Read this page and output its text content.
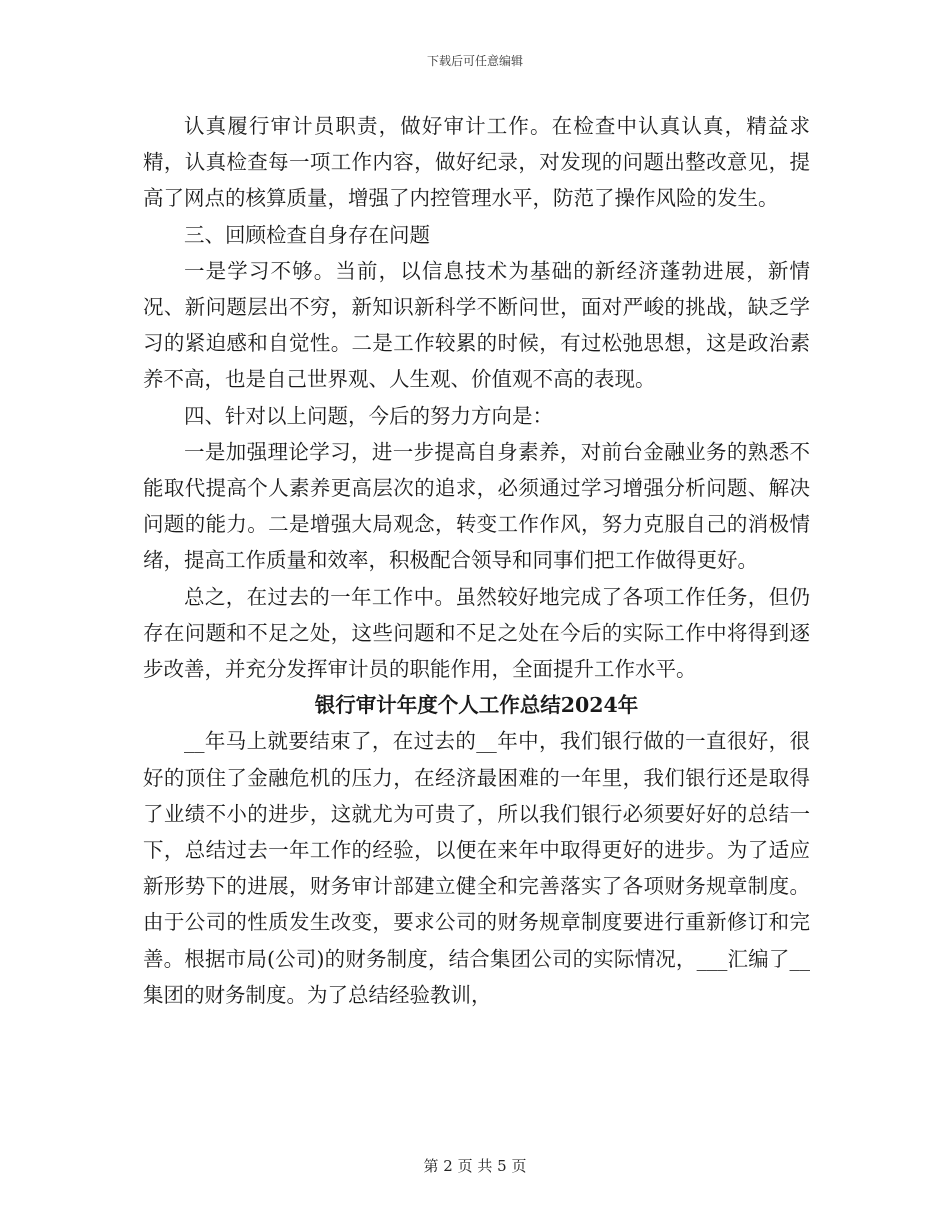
下载后可任意编辑

认真履行审计员职责，做好审计工作。在检查中认真认真，精益求精，认真检查每一项工作内容，做好纪录，对发现的问题出整改意见，提高了网点的核算质量，增强了内控管理水平，防范了操作风险的发生。

三、回顾检查自身存在问题

一是学习不够。当前，以信息技术为基础的新经济蓬勃进展，新情况、新问题层出不穷，新知识新科学不断问世，面对严峻的挑战，缺乏学习的紧迫感和自觉性。二是工作较累的时候，有过松弛思想，这是政治素养不高，也是自己世界观、人生观、价值观不高的表现。

四、针对以上问题，今后的努力方向是：

一是加强理论学习，进一步提高自身素养，对前台金融业务的熟悉不能取代提高个人素养更高层次的追求，必须通过学习增强分析问题、解决问题的能力。二是增强大局观念，转变工作作风，努力克服自己的消极情绪，提高工作质量和效率，积极配合领导和同事们把工作做得更好。

总之，在过去的一年工作中。虽然较好地完成了各项工作任务，但仍存在问题和不足之处，这些问题和不足之处在今后的实际工作中将得到逐步改善，并充分发挥审计员的职能作用，全面提升工作水平。

银行审计年度个人工作总结2024年

__年马上就要结束了，在过去的__年中，我们银行做的一直很好，很好的顶住了金融危机的压力，在经济最困难的一年里，我们银行还是取得了业绩不小的进步，这就尤为可贵了，所以我们银行必须要好好的总结一下，总结过去一年工作的经验，以便在来年中取得更好的进步。为了适应新形势下的进展，财务审计部建立健全和完善落实了各项财务规章制度。由于公司的性质发生改变，要求公司的财务规章制度要进行重新修订和完善。根据市局(公司)的财务制度，结合集团公司的实际情况，___汇编了__集团的财务制度。为了总结经验教训，

第 2 页 共 5 页
